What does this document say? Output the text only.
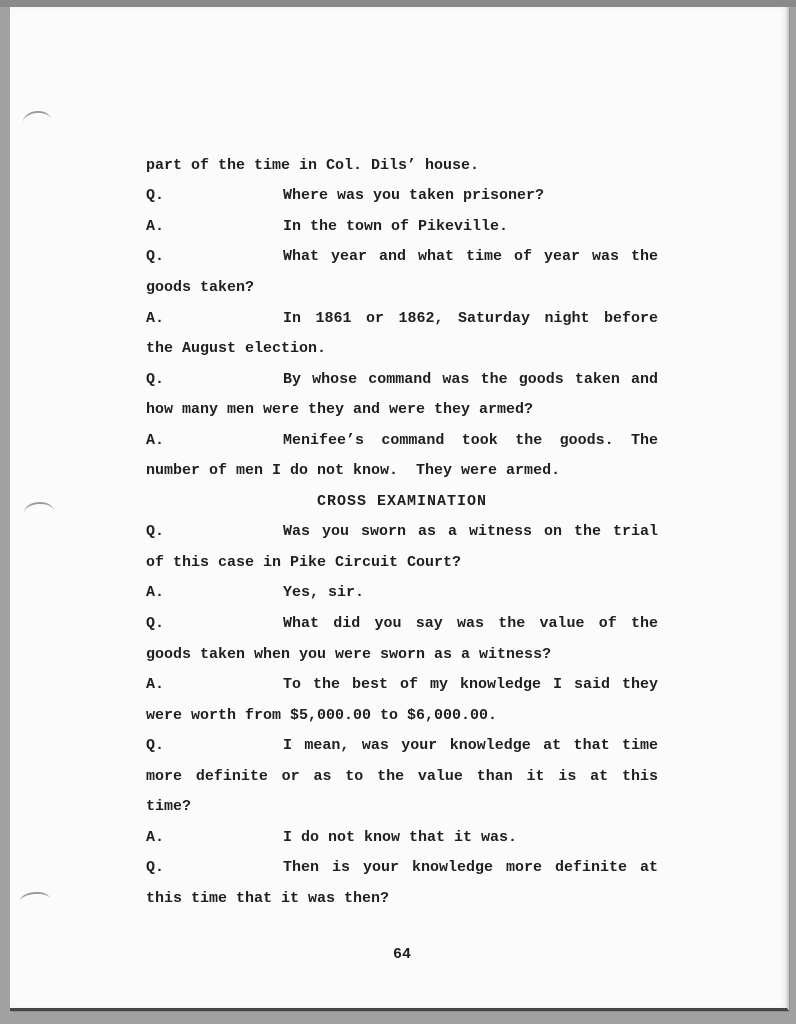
part of the time in Col. Dils’ house.
Q.	Where was you taken prisoner?
A.	In the town of Pikeville.
Q.	What year and what time of year was the
goods taken?
A.	In 1861 or 1862, Saturday night before
the August election.
Q.	By whose command was the goods taken and
how many men were they and were they armed?
A.	Menifee’s command took the goods. The
number of men I do not know.  They were armed.
CROSS EXAMINATION
Q.	Was you sworn as a witness on the trial
of this case in Pike Circuit Court?
A.	Yes, sir.
Q.	What did you say was the value of the
goods taken when you were sworn as a witness?
A.	To the best of my knowledge I said they
were worth from $5,000.00 to $6,000.00.
Q.	I mean, was your knowledge at that time
more definite or as to the value than it is at this
time?
A.	I do not know that it was.
Q.	Then is your knowledge more definite at
this time that it was then?
64
